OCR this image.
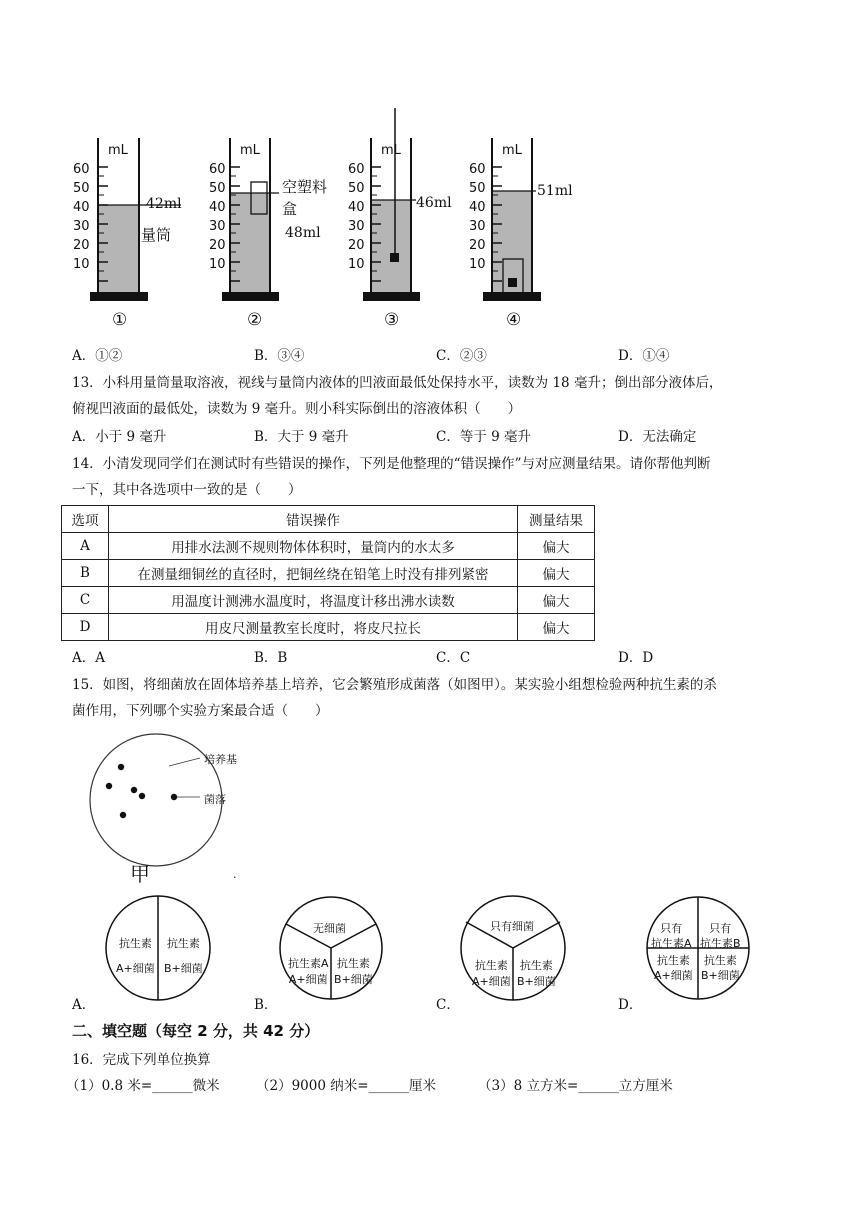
mL	mL	mL	mL
60
50
40
30
20
10
60
50
40
30
20
10
60
50
40
30
20
10
60
50
40
30
20
10
42ml
量筒
空塑料
盒
48ml
46ml
51ml
①	②	③	④
A．①②	B．③④	C．②③	D．①④
13．小科用量筒量取溶液，视线与量筒内液体的凹液面最低处保持水平，读数为 18 毫升；倒出部分液体后，
俯视凹液面的最低处，读数为 9 毫升。则小科实际倒出的溶液体积（　　）
A．小于 9 毫升	B．大于 9 毫升	C．等于 9 毫升	D．无法确定
14．小清发现同学们在测试时有些错误的操作，下列是他整理的“错误操作”与对应测量结果。请你帮他判断
一下，其中各选项中一致的是（　　）
选项	错误操作	测量结果
A	用排水法测不规则物体体积时，量筒内的水太多	偏大
B	在测量细铜丝的直径时，把铜丝绕在铅笔上时没有排列紧密	偏大
C	用温度计测沸水温度时，将温度计移出沸水读数	偏大
D	用皮尺测量教室长度时，将皮尺拉长	偏大
A．A	B．B	C．C	D．D
15．如图，将细菌放在固体培养基上培养，它会繁殖形成菌落（如图甲）。某实验小组想检验两种抗生素的杀
菌作用，下列哪个实验方案最合适（　　）
培养基
菌落
甲	.
抗生素
A+细菌
抗生素
B+细菌
无细菌
抗生素A
A+细菌
抗生素
B+细菌
只有细菌
抗生素
A+细菌
抗生素
B+细菌
只有
抗生素A
只有
抗生素B
抗生素
A+细菌
抗生素
B+细菌
A．	B．	C．	D．
二、填空题（每空 2 分，共 42 分）
16．完成下列单位换算
（1）0.8 米=______微米	（2）9000 纳米=______厘米	（3）8 立方米=______立方厘米
